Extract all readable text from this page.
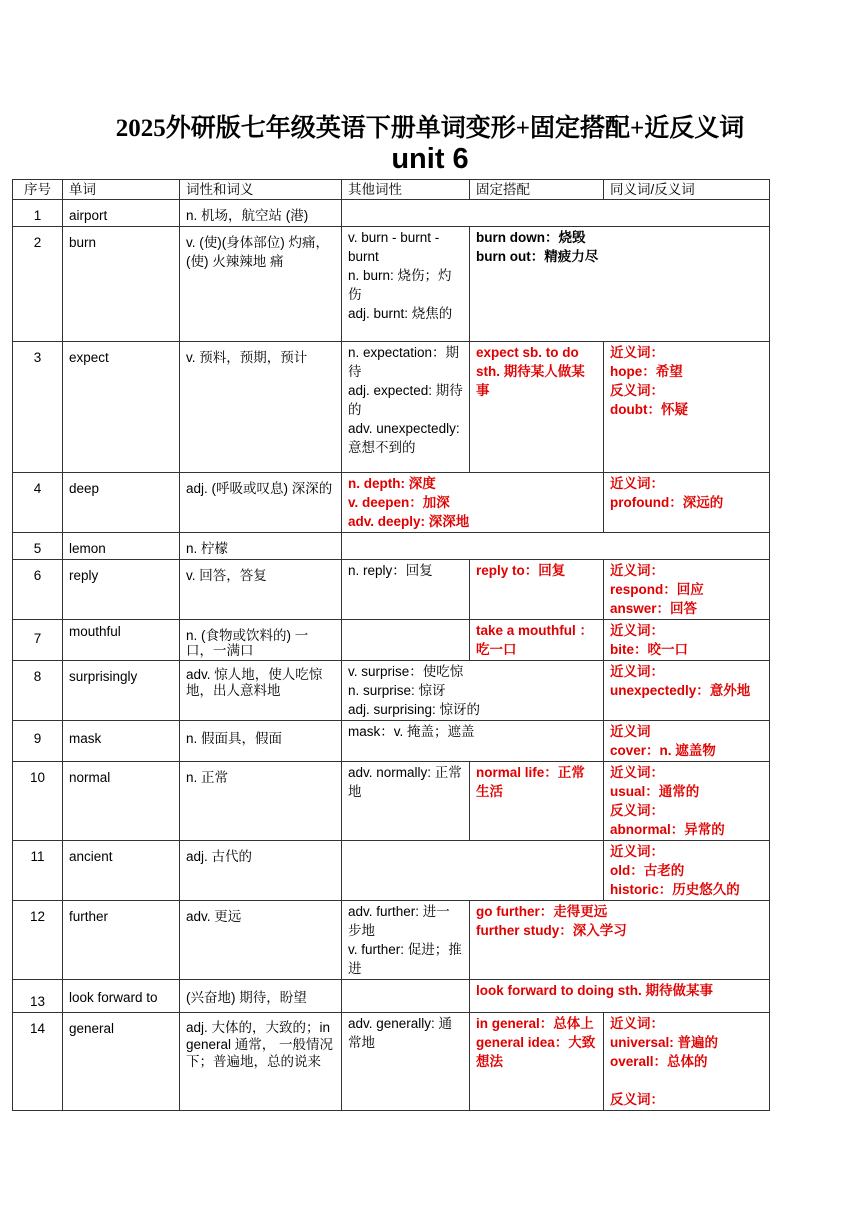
2025外研版七年级英语下册单词变形+固定搭配+近反义词
unit 6
序号	单词	词性和词义	其他词性	固定搭配	同义词/反义词
1	airport	n. 机场，航空站 (港)			
2	burn	v. (使)(身体部位) 灼痛，(使) 火辣辣地 痛	v. burn - burnt - burnt
n. burn: 烧伤；灼伤
adj. burnt: 烧焦的	burn down：烧毁
burn out：精疲力尽	

3	expect	v. 预料，预期，预计	n. expectation：期待
adj. expected: 期待的
adv. unexpectedly: 意想不到的	expect sb. to do sth. 期待某人做某事	近义词：
hope：希望
反义词：
doubt：怀疑

4	deep	adj. (呼吸或叹息) 深深的	n. depth: 深度
v. deepen：加深
adv. deeply: 深深地		近义词：
profound：深远的

5	lemon	n. 柠檬			
6	reply	v. 回答，答复	n. reply：回复	reply to：回复	近义词：
respond：回应
answer：回答

7	mouthful	n. (食物或饮料的) 一口，一满口		take a mouthful ：吃一口	近义词：
bite：咬一口

8	surprisingly	adv. 惊人地，使人吃惊地，出人意料地	v. surprise：使吃惊
n. surprise: 惊讶
adj. surprising: 惊讶的		近义词：
unexpectedly：意外地

9	mask	n. 假面具，假面	mask：v. 掩盖；遮盖		近义词
cover：n. 遮盖物

10	normal	n. 正常	adv. normally: 正常地	normal life：正常生活	近义词：
usual：通常的
反义词：
abnormal：异常的

11	ancient	adj. 古代的			近义词：
old：古老的
historic：历史悠久的

12	further	adv. 更远	adv. further: 进一步地
v. further: 促进；推进	go further：走得更远
further study：深入学习	

13	look forward to	(兴奋地) 期待，盼望		look forward to doing sth. 期待做某事	

14	general	adj. 大体的，大致的；in general 通常， 一般情况下；普遍地，总的说来	adv. generally: 通常地	in general：总体上
general idea：大致想法	近义词：
universal: 普遍的
overall：总体的
反义词：
